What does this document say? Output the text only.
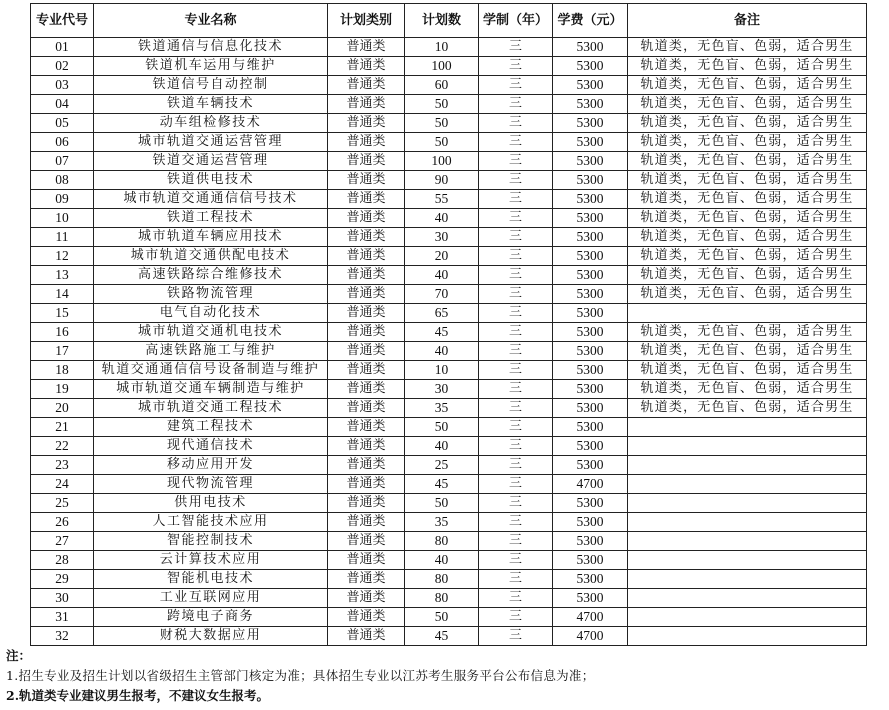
专业代号	专业名称	计划类别	计划数	学制（年）	学费（元）	备注
01	铁道通信与信息化技术	普通类	10	三	5300	轨道类，无色盲、色弱，适合男生
02	铁道机车运用与维护	普通类	100	三	5300	轨道类，无色盲、色弱，适合男生
03	铁道信号自动控制	普通类	60	三	5300	轨道类，无色盲、色弱，适合男生
04	铁道车辆技术	普通类	50	三	5300	轨道类，无色盲、色弱，适合男生
05	动车组检修技术	普通类	50	三	5300	轨道类，无色盲、色弱，适合男生
06	城市轨道交通运营管理	普通类	50	三	5300	轨道类，无色盲、色弱，适合男生
07	铁道交通运营管理	普通类	100	三	5300	轨道类，无色盲、色弱，适合男生
08	铁道供电技术	普通类	90	三	5300	轨道类，无色盲、色弱，适合男生
09	城市轨道交通通信信号技术	普通类	55	三	5300	轨道类，无色盲、色弱，适合男生
10	铁道工程技术	普通类	40	三	5300	轨道类，无色盲、色弱，适合男生
11	城市轨道车辆应用技术	普通类	30	三	5300	轨道类，无色盲、色弱，适合男生
12	城市轨道交通供配电技术	普通类	20	三	5300	轨道类，无色盲、色弱，适合男生
13	高速铁路综合维修技术	普通类	40	三	5300	轨道类，无色盲、色弱，适合男生
14	铁路物流管理	普通类	70	三	5300	轨道类，无色盲、色弱，适合男生
15	电气自动化技术	普通类	65	三	5300	
16	城市轨道交通机电技术	普通类	45	三	5300	轨道类，无色盲、色弱，适合男生
17	高速铁路施工与维护	普通类	40	三	5300	轨道类，无色盲、色弱，适合男生
18	轨道交通通信信号设备制造与维护	普通类	10	三	5300	轨道类，无色盲、色弱，适合男生
19	城市轨道交通车辆制造与维护	普通类	30	三	5300	轨道类，无色盲、色弱，适合男生
20	城市轨道交通工程技术	普通类	35	三	5300	轨道类，无色盲、色弱，适合男生
21	建筑工程技术	普通类	50	三	5300	
22	现代通信技术	普通类	40	三	5300	
23	移动应用开发	普通类	25	三	5300	
24	现代物流管理	普通类	45	三	4700	
25	供用电技术	普通类	50	三	5300	
26	人工智能技术应用	普通类	35	三	5300	
27	智能控制技术	普通类	80	三	5300	
28	云计算技术应用	普通类	40	三	5300	
29	智能机电技术	普通类	80	三	5300	
30	工业互联网应用	普通类	80	三	5300	
31	跨境电子商务	普通类	50	三	4700	
32	财税大数据应用	普通类	45	三	4700	
注：
1.招生专业及招生计划以省级招生主管部门核定为准；具体招生专业以江苏考生服务平台公布信息为准；
2.轨道类专业建议男生报考，不建议女生报考。
